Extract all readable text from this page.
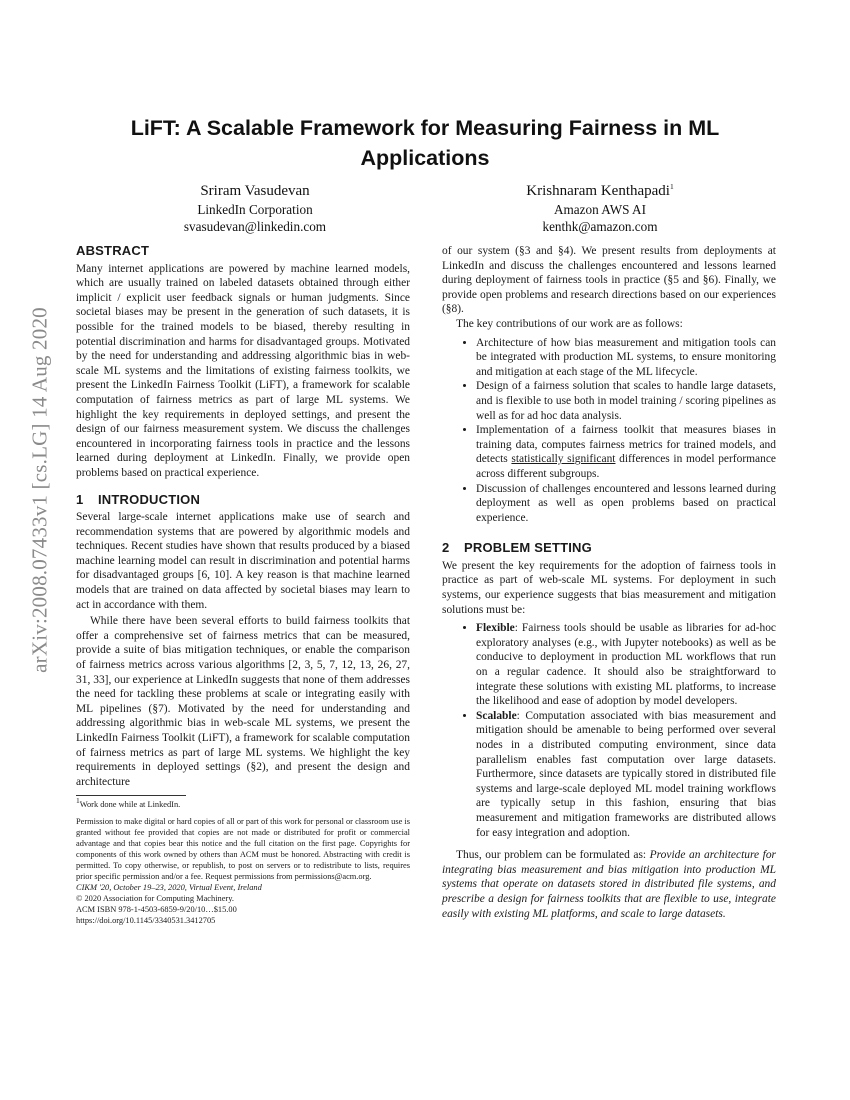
arXiv:2008.07433v1 [cs.LG] 14 Aug 2020
LiFT: A Scalable Framework for Measuring Fairness in ML
Applications
Sriram Vasudevan
LinkedIn Corporation
svasudevan@linkedin.com
Krishnaram Kenthapadi$^1$
Amazon AWS AI
kenthk@amazon.com
ABSTRACT

Many internet applications are powered by machine learned models, which are usually trained on labeled datasets obtained through either implicit / explicit user feedback signals or human judgments. Since societal biases may be present in the generation of such datasets, it is possible for the trained models to be biased, thereby resulting in potential discrimination and harms for disadvantaged groups. Motivated by the need for understanding and addressing algorithmic bias in web-scale ML systems and the limitations of existing fairness toolkits, we present the LinkedIn Fairness Toolkit (LiFT), a framework for scalable computation of fairness metrics as part of large ML systems. We highlight the key requirements in deployed settings, and present the design of our fairness measurement system. We discuss the challenges encountered in incorporating fairness tools in practice and the lessons learned during deployment at LinkedIn. Finally, we provide open problems based on practical experience.

1 INTRODUCTION

Several large-scale internet applications make use of search and recommendation systems that are powered by algorithmic models and techniques. Recent studies have shown that results produced by a biased machine learning model can result in discrimination and potential harms for disadvantaged groups [6, 10]. A key reason is that machine learned models that are trained on data affected by societal biases may learn to act in accordance with them.

While there have been several efforts to build fairness toolkits that offer a comprehensive set of fairness metrics that can be measured, provide a suite of bias mitigation techniques, or enable the comparison of fairness metrics across various algorithms [2, 3, 5, 7, 12, 13, 26, 27, 31, 33], our experience at LinkedIn suggests that none of them addresses the need for tackling these problems at scale or integrating easily with ML pipelines (§7). Motivated by the need for understanding and addressing algorithmic bias in web-scale ML systems, we present the LinkedIn Fairness Toolkit (LiFT), a framework for scalable computation of fairness metrics as part of large ML systems. We highlight the key requirements in deployed settings (§2), and present the design and architecture

1Work done while at LinkedIn.
Permission to make digital or hard copies of all or part of this work for personal or classroom use is granted without fee provided that copies are not made or distributed for profit or commercial advantage and that copies bear this notice and the full citation on the first page. Copyrights for components of this work owned by others than ACM must be honored. Abstracting with credit is permitted. To copy otherwise, or republish, to post on servers or to redistribute to lists, requires prior specific permission and/or a fee. Request permissions from permissions@acm.org.
CIKM '20, October 19–23, 2020, Virtual Event, Ireland
© 2020 Association for Computing Machinery.
ACM ISBN 978-1-4503-6859-9/20/10…$15.00
https://doi.org/10.1145/3340531.3412705

of our system (§3 and §4). We present results from deployments at LinkedIn and discuss the challenges encountered and lessons learned during deployment of fairness tools in practice (§5 and §6). Finally, we provide open problems and research directions based on our experiences (§8).

The key contributions of our work are as follows:

• Architecture of how bias measurement and mitigation tools can be integrated with production ML systems, to ensure monitoring and mitigation at each stage of the ML lifecycle.
• Design of a fairness solution that scales to handle large datasets, and is flexible to use both in model training / scoring pipelines as well as for ad hoc data analysis.
• Implementation of a fairness toolkit that measures biases in training data, computes fairness metrics for trained models, and detects statistically significant differences in model performance across different subgroups.
• Discussion of challenges encountered and lessons learned during deployment as well as open problems based on practical experience.
2 PROBLEM SETTING

We present the key requirements for the adoption of fairness tools in practice as part of web-scale ML systems. For deployment in such systems, our experience suggests that bias measurement and mitigation solutions must be:

• Flexible: Fairness tools should be usable as libraries for ad-hoc exploratory analyses (e.g., with Jupyter notebooks) as well as be conducive to deployment in production ML workflows that run on a regular cadence. It should also be straightforward to integrate these solutions with existing ML platforms, to increase the likelihood and ease of adoption by model developers.
• Scalable: Computation associated with bias measurement and mitigation should be amenable to being performed over several nodes in a distributed computing environment, since data parallelism enables fast computation over large datasets. Furthermore, since datasets are typically stored in distributed file systems and large-scale deployed ML model training workflows are typically setup in this fashion, ensuring that bias measurement and mitigation frameworks are distributed allows for easy integration and adoption.

Thus, our problem can be formulated as: Provide an architecture for integrating bias measurement and bias mitigation into production ML systems that operate on datasets stored in distributed file systems, and prescribe a design for fairness toolkits that are flexible to use, integrate easily with existing ML platforms, and scale to large datasets.
